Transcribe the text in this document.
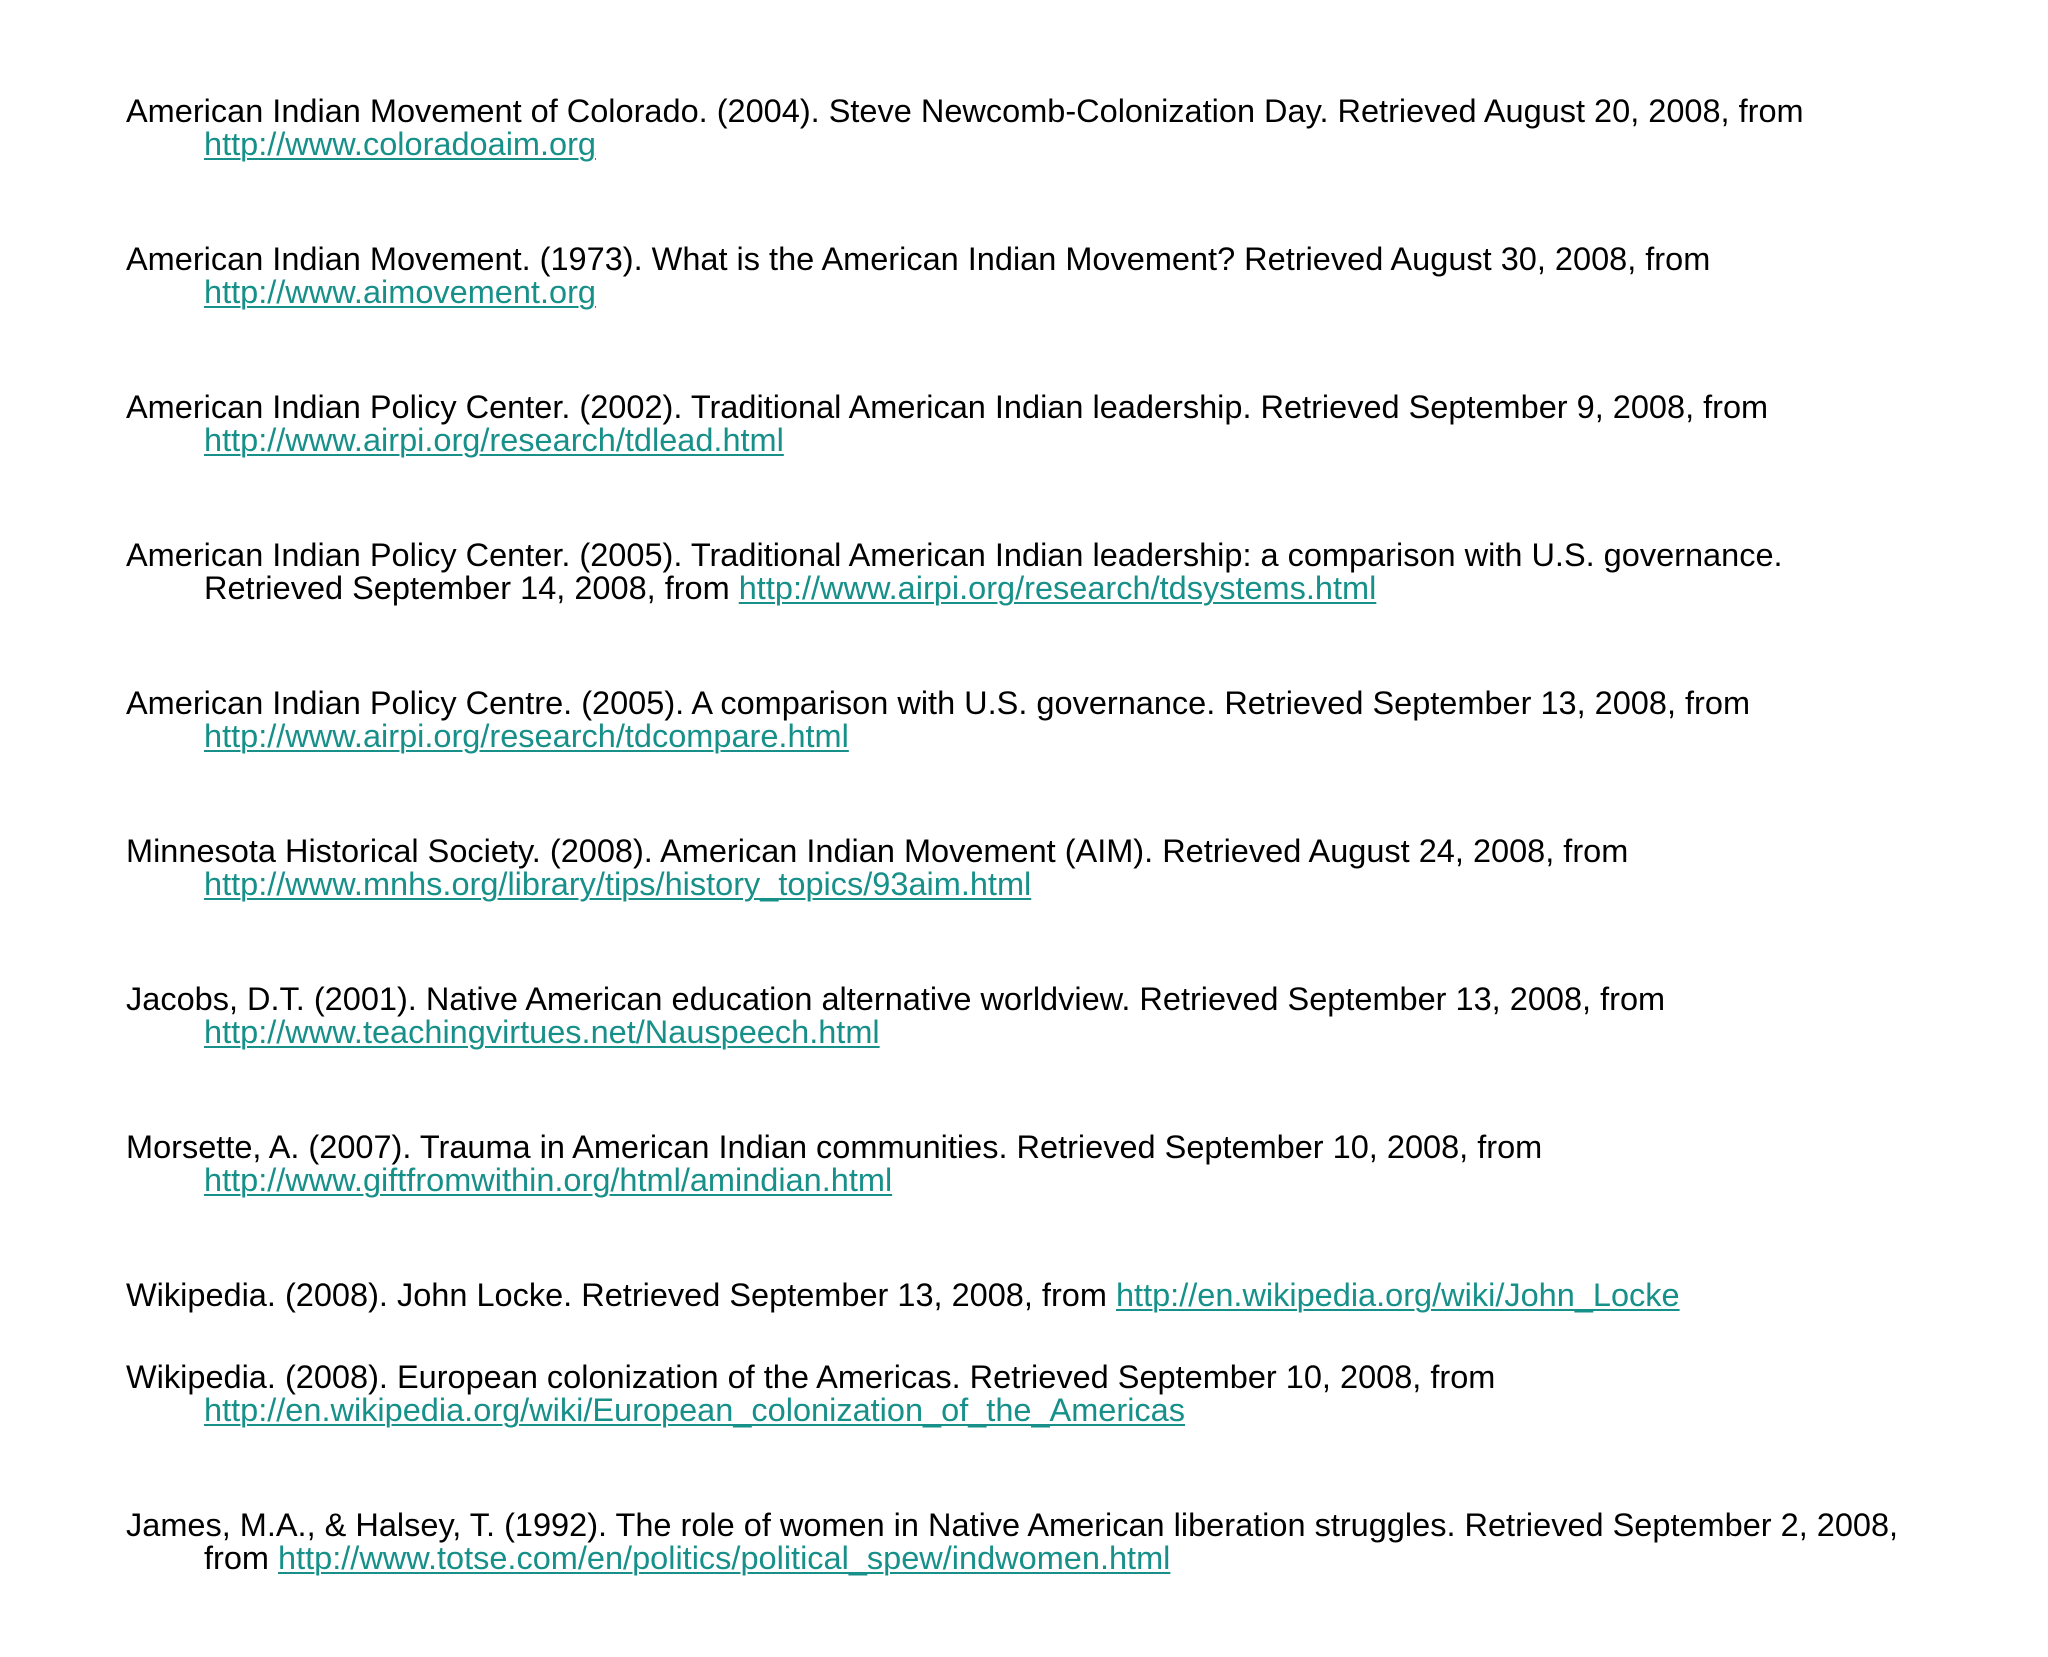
American Indian Movement of Colorado. (2004). Steve Newcomb-Colonization Day. Retrieved August 20, 2008, from http://www.coloradoaim.org
American Indian Movement. (1973). What is the American Indian Movement? Retrieved August 30, 2008, from http://www.aimovement.org
American Indian Policy Center. (2002). Traditional American Indian leadership. Retrieved September 9, 2008, from http://www.airpi.org/research/tdlead.html
American Indian Policy Center. (2005). Traditional American Indian leadership: a comparison with U.S. governance. Retrieved September 14, 2008, from http://www.airpi.org/research/tdsystems.html
American Indian Policy Centre. (2005). A comparison with U.S. governance. Retrieved September 13, 2008, from http://www.airpi.org/research/tdcompare.html
Minnesota Historical Society. (2008). American Indian Movement (AIM). Retrieved August 24, 2008, from http://www.mnhs.org/library/tips/history_topics/93aim.html
Jacobs, D.T. (2001). Native American education alternative worldview. Retrieved September 13, 2008, from http://www.teachingvirtues.net/Nauspeech.html
Morsette, A. (2007). Trauma in American Indian communities. Retrieved September 10, 2008, from http://www.giftfromwithin.org/html/amindian.html
Wikipedia. (2008). John Locke. Retrieved September 13, 2008, from http://en.wikipedia.org/wiki/John_Locke
Wikipedia. (2008). European colonization of the Americas. Retrieved September 10, 2008, from http://en.wikipedia.org/wiki/European_colonization_of_the_Americas
James, M.A., & Halsey, T. (1992). The role of women in Native American liberation struggles. Retrieved September 2, 2008, from http://www.totse.com/en/politics/political_spew/indwomen.html
